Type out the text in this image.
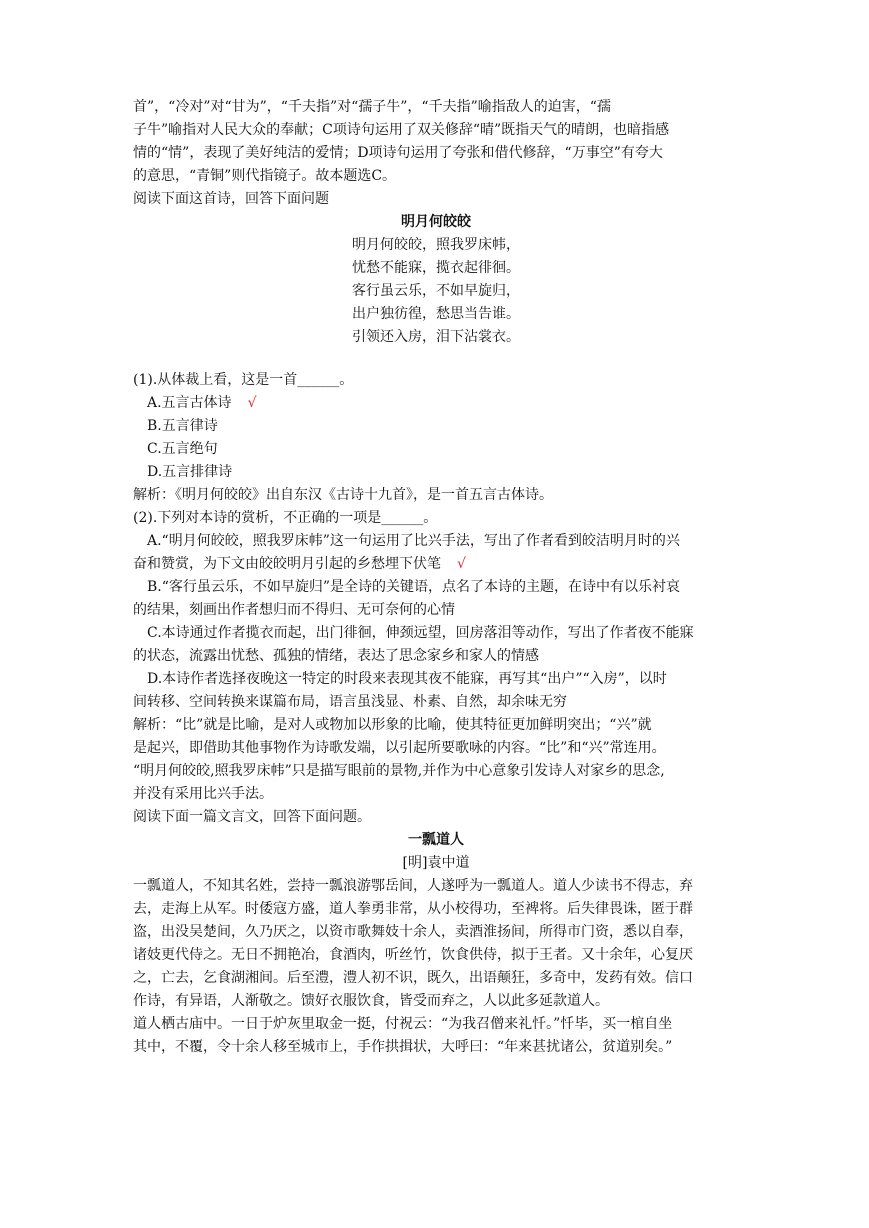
首”，“冷对”对“甘为”，“千夫指”对“孺子牛”，“千夫指”喻指敌人的迫害，“孺

子牛”喻指对人民大众的奉献；C项诗句运用了双关修辞“晴”既指天气的晴朗，也暗指感

情的“情”，表现了美好纯洁的爱情；D项诗句运用了夸张和借代修辞，“万事空”有夸大

的意思，“青铜”则代指镜子。故本题选C。

阅读下面这首诗，回答下面问题

明月何皎皎

明月何皎皎，照我罗床帏，

忧愁不能寐，揽衣起徘徊。

客行虽云乐，不如早旋归，

出户独彷徨，愁思当告谁。

引领还入房，泪下沾裳衣。

(1).从体裁上看，这是一首______。

A.五言古体诗 √

B.五言律诗

C.五言绝句

D.五言排律诗

解析：《明月何皎皎》出自东汉《古诗十九首》，是一首五言古体诗。

(2).下列对本诗的赏析，不正确的一项是______。

A.“明月何皎皎，照我罗床帏”这一句运用了比兴手法，写出了作者看到皎洁明月时的兴

奋和赞赏，为下文由皎皎明月引起的乡愁埋下伏笔 √

B.“客行虽云乐，不如早旋归”是全诗的关键语，点名了本诗的主题，在诗中有以乐衬哀

的结果，刻画出作者想归而不得归、无可奈何的心情

C.本诗通过作者揽衣而起，出门徘徊，伸颈远望，回房落泪等动作，写出了作者夜不能寐

的状态，流露出忧愁、孤独的情绪，表达了思念家乡和家人的情感

D.本诗作者选择夜晚这一特定的时段来表现其夜不能寐，再写其“出户”“入房”，以时

间转移、空间转换来谋篇布局，语言虽浅显、朴素、自然，却余味无穷

解析：“比”就是比喻，是对人或物加以形象的比喻，使其特征更加鲜明突出；“兴”就

是起兴，即借助其他事物作为诗歌发端，以引起所要歌咏的内容。“比”和“兴”常连用。

“明月何皎皎,照我罗床帏”只是描写眼前的景物,并作为中心意象引发诗人对家乡的思念,

并没有采用比兴手法。

阅读下面一篇文言文，回答下面问题。

一瓢道人

[明]袁中道

一瓢道人，不知其名姓，尝持一瓢浪游鄂岳间，人遂呼为一瓢道人。道人少读书不得志，弃

去，走海上从军。时倭寇方盛，道人拳勇非常，从小校得功，至裨将。后失律畏诛，匿于群

盗，出没吴楚间，久乃厌之，以资市歌舞妓十余人，卖酒淮扬间，所得市门资，悉以自奉，

诸妓更代侍之。无日不拥艳冶，食酒肉，听丝竹，饮食供侍，拟于王者。又十余年，心复厌

之，亡去，乞食湖湘间。后至澧，澧人初不识，既久，出语颠狂，多奇中，发药有效。信口

作诗，有异语，人渐敬之。馈好衣服饮食，皆受而弃之，人以此多延款道人。

道人栖古庙中。一日于炉灰里取金一挺，付祝云：“为我召僧来礼忏。”忏毕，买一棺自坐

其中，不覆，令十余人移至城市上，手作拱揖状，大呼曰：“年来甚扰诸公，贫道别矣。”
